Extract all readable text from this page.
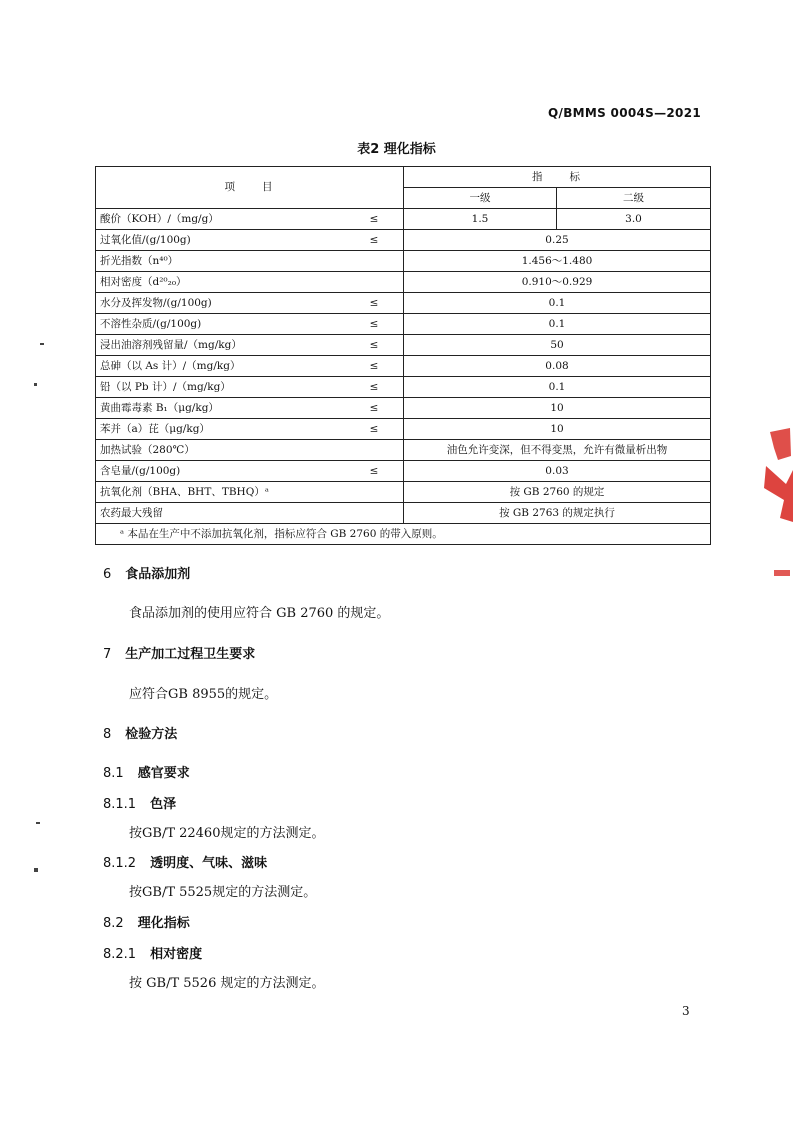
Q/BMMS 0004S—2021
表2 理化指标
项　　目	指　　标	
	一级	二级

酸价（KOH）/（mg/g） ≤	1.5	3.0

过氧化值/(g/100g) ≤	0.25	

折光指数（n⁴⁰）	1.456～1.480	

相对密度（d²⁰₂₀）	0.910～0.929	

水分及挥发物/(g/100g) ≤	0.1	

不溶性杂质/(g/100g) ≤	0.1	

浸出油溶剂残留量/（mg/kg） ≤	50	

总砷（以 As 计）/（mg/kg） ≤	0.08	

铅（以 Pb 计）/（mg/kg） ≤	0.1	

黄曲霉毒素 B₁（μg/kg） ≤	10	

苯并（a）芘（μg/kg） ≤	10	

加热试验（280℃）	油色允许变深，但不得变黑，允许有微量析出物	

含皂量/(g/100g) ≤	0.03	

抗氧化剂（BHA、BHT、TBHQ）ᵃ	按 GB 2760 的规定	

农药最大残留	按 GB 2763 的规定执行	
ᵃ 本品在生产中不添加抗氧化剂，指标应符合 GB 2760 的带入原则。		
6 食品添加剂
食品添加剂的使用应符合 GB 2760 的规定。
7 生产加工过程卫生要求
应符合GB 8955的规定。
8 检验方法
8.1 感官要求
8.1.1 色泽
按GB/T 22460规定的方法测定。
8.1.2 透明度、气味、滋味
按GB/T 5525规定的方法测定。
8.2 理化指标
8.2.1 相对密度
按 GB/T 5526 规定的方法测定。
3
